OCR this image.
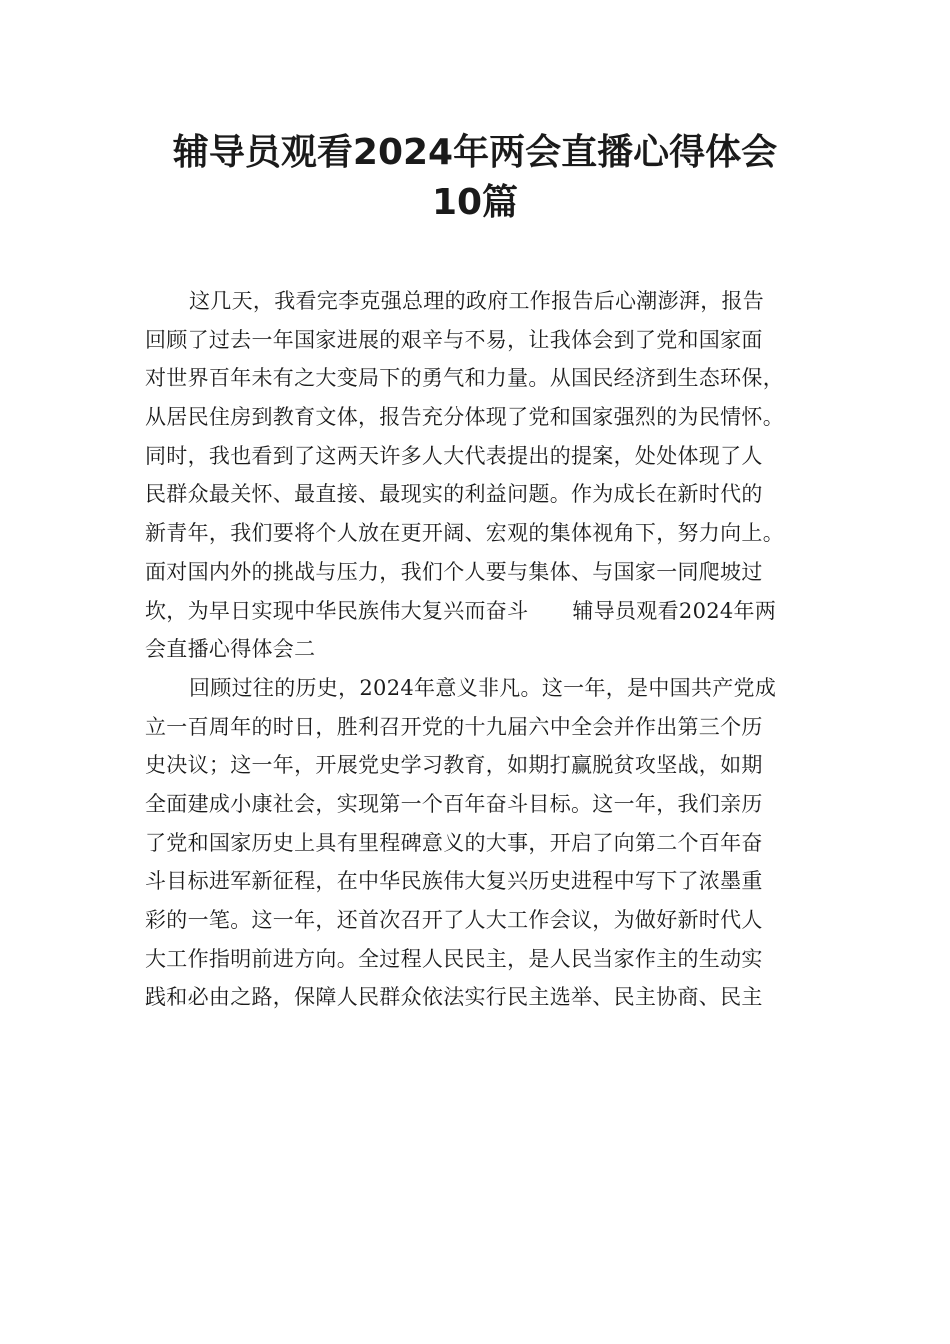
辅导员观看2024年两会直播心得体会
10篇
这几天，我看完李克强总理的政府工作报告后心潮澎湃，报告
回顾了过去一年国家进展的艰辛与不易，让我体会到了党和国家面
对世界百年未有之大变局下的勇气和力量。从国民经济到生态环保，
从居民住房到教育文体，报告充分体现了党和国家强烈的为民情怀。
同时，我也看到了这两天许多人大代表提出的提案，处处体现了人
民群众最关怀、最直接、最现实的利益问题。作为成长在新时代的
新青年，我们要将个人放在更开阔、宏观的集体视角下，努力向上。
面对国内外的挑战与压力，我们个人要与集体、与国家一同爬坡过
坎，为早日实现中华民族伟大复兴而奋斗 辅导员观看2024年两
会直播心得体会二
回顾过往的历史，2024年意义非凡。这一年，是中国共产党成
立一百周年的时日，胜利召开党的十九届六中全会并作出第三个历
史决议；这一年，开展党史学习教育，如期打赢脱贫攻坚战，如期
全面建成小康社会，实现第一个百年奋斗目标。这一年，我们亲历
了党和国家历史上具有里程碑意义的大事，开启了向第二个百年奋
斗目标进军新征程，在中华民族伟大复兴历史进程中写下了浓墨重
彩的一笔。这一年，还首次召开了人大工作会议，为做好新时代人
大工作指明前进方向。全过程人民民主，是人民当家作主的生动实
践和必由之路，保障人民群众依法实行民主选举、民主协商、民主
